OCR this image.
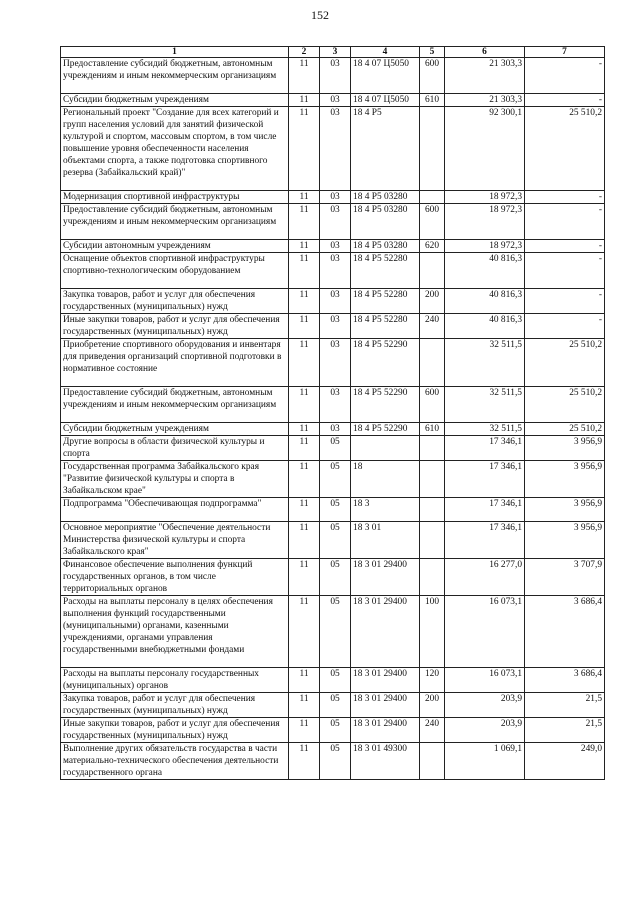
152
1	2	3	4	5	6	7
Предоставление субсидий бюджетным, автономным учреждениям и иным некоммерческим организациям	11	03	18 4 07 Ц5050	600	21 303,3	-
Субсидии бюджетным учреждениям	11	03	18 4 07 Ц5050	610	21 303,3	-
Региональный проект "Создание для всех категорий и групп населения условий для занятий физической культурой и спортом, массовым спортом, в том числе повышение уровня обеспеченности населения объектами спорта, а также подготовка спортивного резерва (Забайкальский край)"	11	03	18 4 P5		92 300,1	25 510,2
Модернизация спортивной инфраструктуры	11	03	18 4 P5 03280		18 972,3	-
Предоставление субсидий бюджетным, автономным учреждениям и иным некоммерческим организациям	11	03	18 4 P5 03280	600	18 972,3	-
Субсидии автономным учреждениям	11	03	18 4 P5 03280	620	18 972,3	-
Оснащение объектов спортивной инфраструктуры спортивно-технологическим оборудованием	11	03	18 4 P5 52280		40 816,3	-
Закупка товаров, работ и услуг для обеспечения государственных (муниципальных) нужд	11	03	18 4 P5 52280	200	40 816,3	-
Иные закупки товаров, работ и услуг для обеспечения государственных (муниципальных) нужд	11	03	18 4 P5 52280	240	40 816,3	-
Приобретение спортивного оборудования и инвентаря для приведения организаций спортивной подготовки в нормативное состояние	11	03	18 4 P5 52290		32 511,5	25 510,2
Предоставление субсидий бюджетным, автономным учреждениям и иным некоммерческим организациям	11	03	18 4 P5 52290	600	32 511,5	25 510,2
Субсидии бюджетным учреждениям	11	03	18 4 P5 52290	610	32 511,5	25 510,2
Другие вопросы в области физической культуры и спорта	11	05			17 346,1	3 956,9
Государственная программа Забайкальского края "Развитие физической культуры и спорта в Забайкальском крае"	11	05	18		17 346,1	3 956,9
Подпрограмма "Обеспечивающая подпрограмма"	11	05	18 3		17 346,1	3 956,9
Основное мероприятие "Обеспечение деятельности Министерства физической культуры и спорта Забайкальского края"	11	05	18 3 01		17 346,1	3 956,9
Финансовое обеспечение выполнения функций государственных органов, в том числе территориальных органов	11	05	18 3 01 29400		16 277,0	3 707,9
Расходы на выплаты персоналу в целях обеспечения выполнения функций государственными (муниципальными) органами, казенными учреждениями, органами управления государственными внебюджетными фондами	11	05	18 3 01 29400	100	16 073,1	3 686,4
Расходы на выплаты персоналу государственных (муниципальных) органов	11	05	18 3 01 29400	120	16 073,1	3 686,4
Закупка товаров, работ и услуг для обеспечения государственных (муниципальных) нужд	11	05	18 3 01 29400	200	203,9	21,5
Иные закупки товаров, работ и услуг для обеспечения государственных (муниципальных) нужд	11	05	18 3 01 29400	240	203,9	21,5
Выполнение других обязательств государства в части материально-технического обеспечения деятельности государственного органа	11	05	18 3 01 49300		1 069,1	249,0
